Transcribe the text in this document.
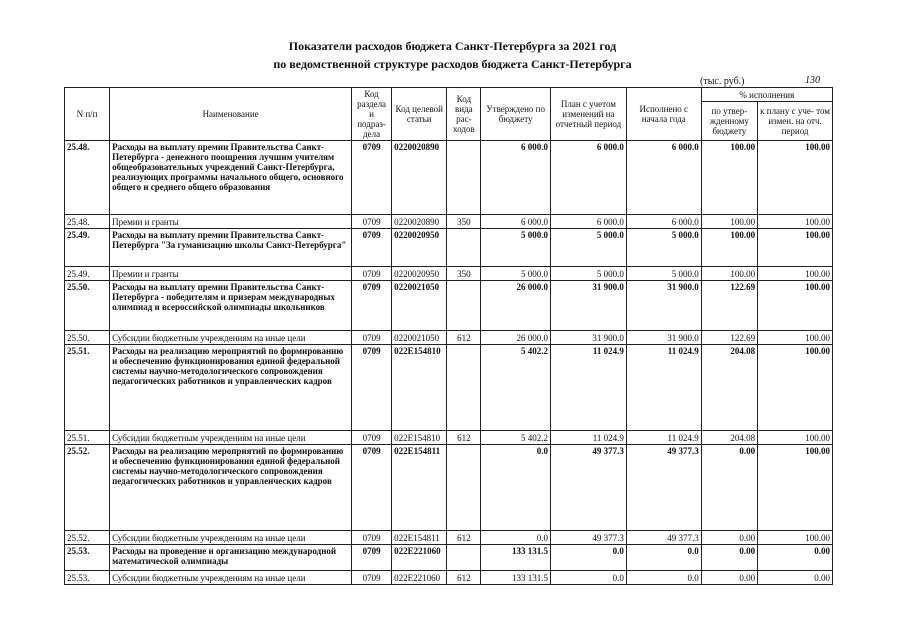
Показатели расходов бюджета Санкт-Петербурга за 2021 год
по ведомственной структуре расходов бюджета Санкт-Петербурга
(тыс. руб.)	130
N п/п	Наименование	Код раздела и подраз- дела	Код целевой статьи	Код вида рас- ходов	Утверждено по бюджету	План с учетом изменений на отчетный период	Исполнено с начала года	% исполнения	
								по утвер- жденному бюджету	к плану с уче- том измен. на отч. период
25.48.	Расходы на выплату премии Правительства Санкт-Петербурга - денежного поощрения лучшим учителям общеобразовательных учреждений Санкт-Петербурга, реализующих программы начального общего, основного общего и среднего общего образования	0709	0220020890		6 000.0	6 000.0	6 000.0	100.00	100.00
25.48.	Премии и гранты	0709	0220020890	350	6 000.0	6 000.0	6 000.0	100.00	100.00
25.49.	Расходы на выплату премии Правительства Санкт-Петербурга "За гуманизацию школы Санкт-Петербурга"	0709	0220020950		5 000.0	5 000.0	5 000.0	100.00	100.00
25.49.	Премии и гранты	0709	0220020950	350	5 000.0	5 000.0	5 000.0	100.00	100.00
25.50.	Расходы на выплату премии Правительства Санкт-Петербурга - победителям и призерам международных олимпиад и всероссийской олимпиады школьников	0709	0220021050		26 000.0	31 900.0	31 900.0	122.69	100.00
25.50.	Субсидии бюджетным учреждениям на иные цели	0709	0220021050	612	26 000.0	31 900.0	31 900.0	122.69	100.00
25.51.	Расходы на реализацию мероприятий по формированию и обеспечению функционирования единой федеральной системы научно-методологического сопровождения педагогических работников и управленческих кадров	0709	022E154810		5 402.2	11 024.9	11 024.9	204.08	100.00
25.51.	Субсидии бюджетным учреждениям на иные цели	0709	022E154810	612	5 402.2	11 024.9	11 024.9	204.08	100.00
25.52.	Расходы на реализацию мероприятий по формированию и обеспечению функционирования единой федеральной системы научно-методологического сопровождения педагогических работников и управленческих кадров	0709	022E154811		0.0	49 377.3	49 377.3	0.00	100.00
25.52.	Субсидии бюджетным учреждениям на иные цели	0709	022E154811	612	0.0	49 377.3	49 377.3	0.00	100.00
25.53.	Расходы на проведение и организацию международной математической олимпиады	0709	022E221060		133 131.5	0.0	0.0	0.00	0.00
25.53.	Субсидии бюджетным учреждениям на иные цели	0709	022E221060	612	133 131.5	0.0	0.0	0.00	0.00
